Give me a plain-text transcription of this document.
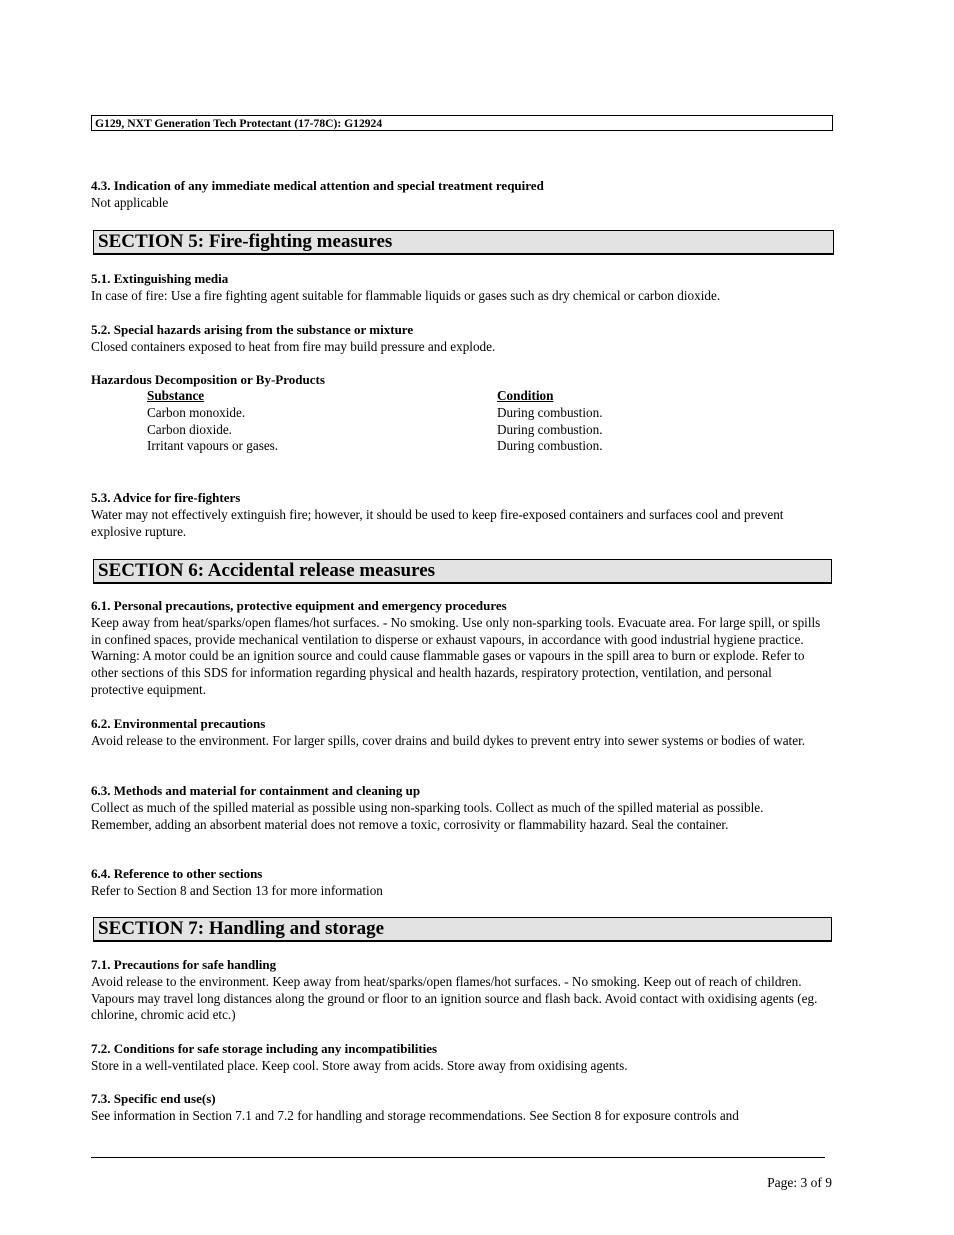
G129, NXT Generation Tech Protectant (17-78C): G12924

4.3. Indication of any immediate medical attention and special treatment required

Not applicable

SECTION 5: Fire-fighting measures

5.1. Extinguishing media

In case of fire: Use a fire fighting agent suitable for flammable liquids or gases such as dry chemical or carbon dioxide.

5.2. Special hazards arising from the substance or mixture

Closed containers exposed to heat from fire may build pressure and explode.

Hazardous Decomposition or By-Products

Substance	Condition
Carbon monoxide.	During combustion.
Carbon dioxide.	During combustion.
Irritant vapours or gases.	During combustion.

5.3. Advice for fire-fighters

Water may not effectively extinguish fire; however, it should be used to keep fire-exposed containers and surfaces cool and prevent explosive rupture.

SECTION 6: Accidental release measures

6.1. Personal precautions, protective equipment and emergency procedures

Keep away from heat/sparks/open flames/hot surfaces. - No smoking. Use only non-sparking tools. Evacuate area. For large spill, or spills in confined spaces, provide mechanical ventilation to disperse or exhaust vapours, in accordance with good industrial hygiene practice. Warning: A motor could be an ignition source and could cause flammable gases or vapours in the spill area to burn or explode. Refer to other sections of this SDS for information regarding physical and health hazards, respiratory protection, ventilation, and personal protective equipment.

6.2. Environmental precautions

Avoid release to the environment. For larger spills, cover drains and build dykes to prevent entry into sewer systems or bodies of water.

6.3. Methods and material for containment and cleaning up

Collect as much of the spilled material as possible using non-sparking tools. Collect as much of the spilled material as possible. Remember, adding an absorbent material does not remove a toxic, corrosivity or flammability hazard. Seal the container.

6.4. Reference to other sections

Refer to Section 8 and Section 13 for more information

SECTION 7: Handling and storage

7.1. Precautions for safe handling

Avoid release to the environment. Keep away from heat/sparks/open flames/hot surfaces. - No smoking. Keep out of reach of children. Vapours may travel long distances along the ground or floor to an ignition source and flash back. Avoid contact with oxidising agents (eg. chlorine, chromic acid etc.)

7.2. Conditions for safe storage including any incompatibilities

Store in a well-ventilated place. Keep cool. Store away from acids. Store away from oxidising agents.

7.3. Specific end use(s)

See information in Section 7.1 and 7.2 for handling and storage recommendations. See Section 8 for exposure controls and

Page: 3 of 9
